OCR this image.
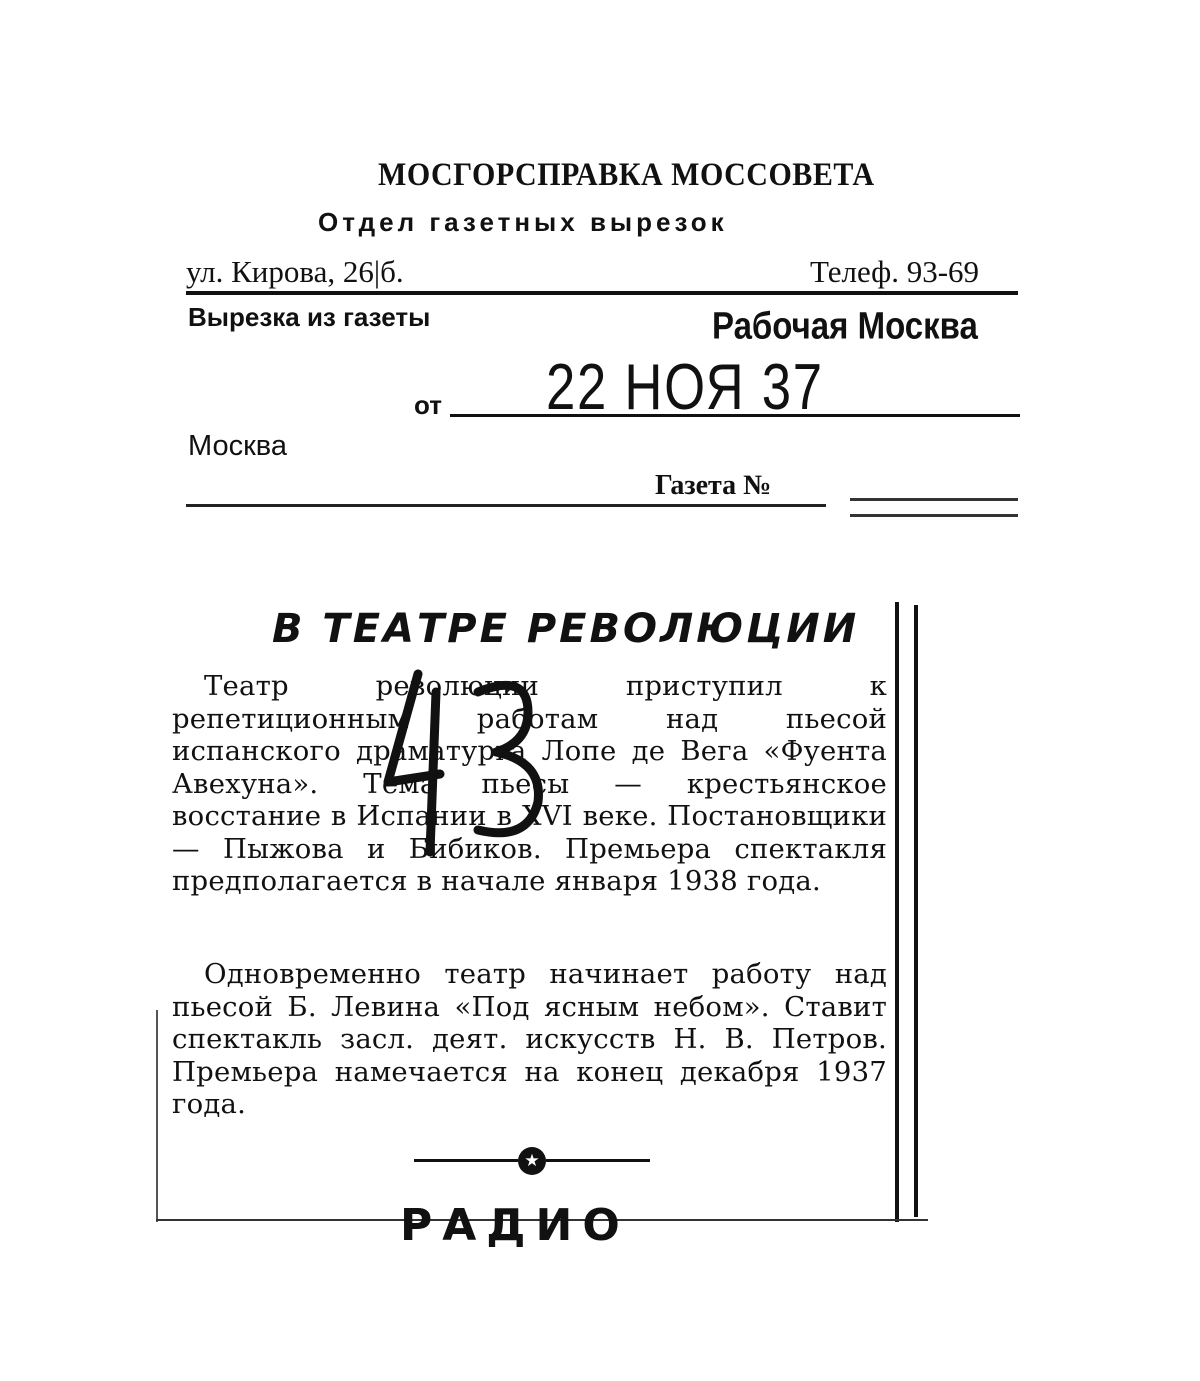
МОСГОРСПРАВКА МОССОВЕТА
Отдел газетных вырезок
ул. Кирова, 26|б.	Телеф. 93-69
Вырезка из газеты	Рабочая Москва
от 22 НОЯ 37
Москва
Газета №
В ТЕАТРЕ РЕВОЛЮЦИИ
Театр революции приступил к репетиционным работам над пьесой испанского драматурга Лопе де Вега «Фуента Авехуна». Тема пьесы — крестьянское восстание в Испании в XVI веке. Постановщики — Пыжова и Бибиков. Премьера спектакля предполагается в начале января 1938 года.
Одновременно театр начинает работу над пьесой Б. Левина «Под ясным небом». Ставит спектакль засл. деят. искусств Н. В. Петров. Премьера намечается на конец декабря 1937 года.
★
РАДИО
